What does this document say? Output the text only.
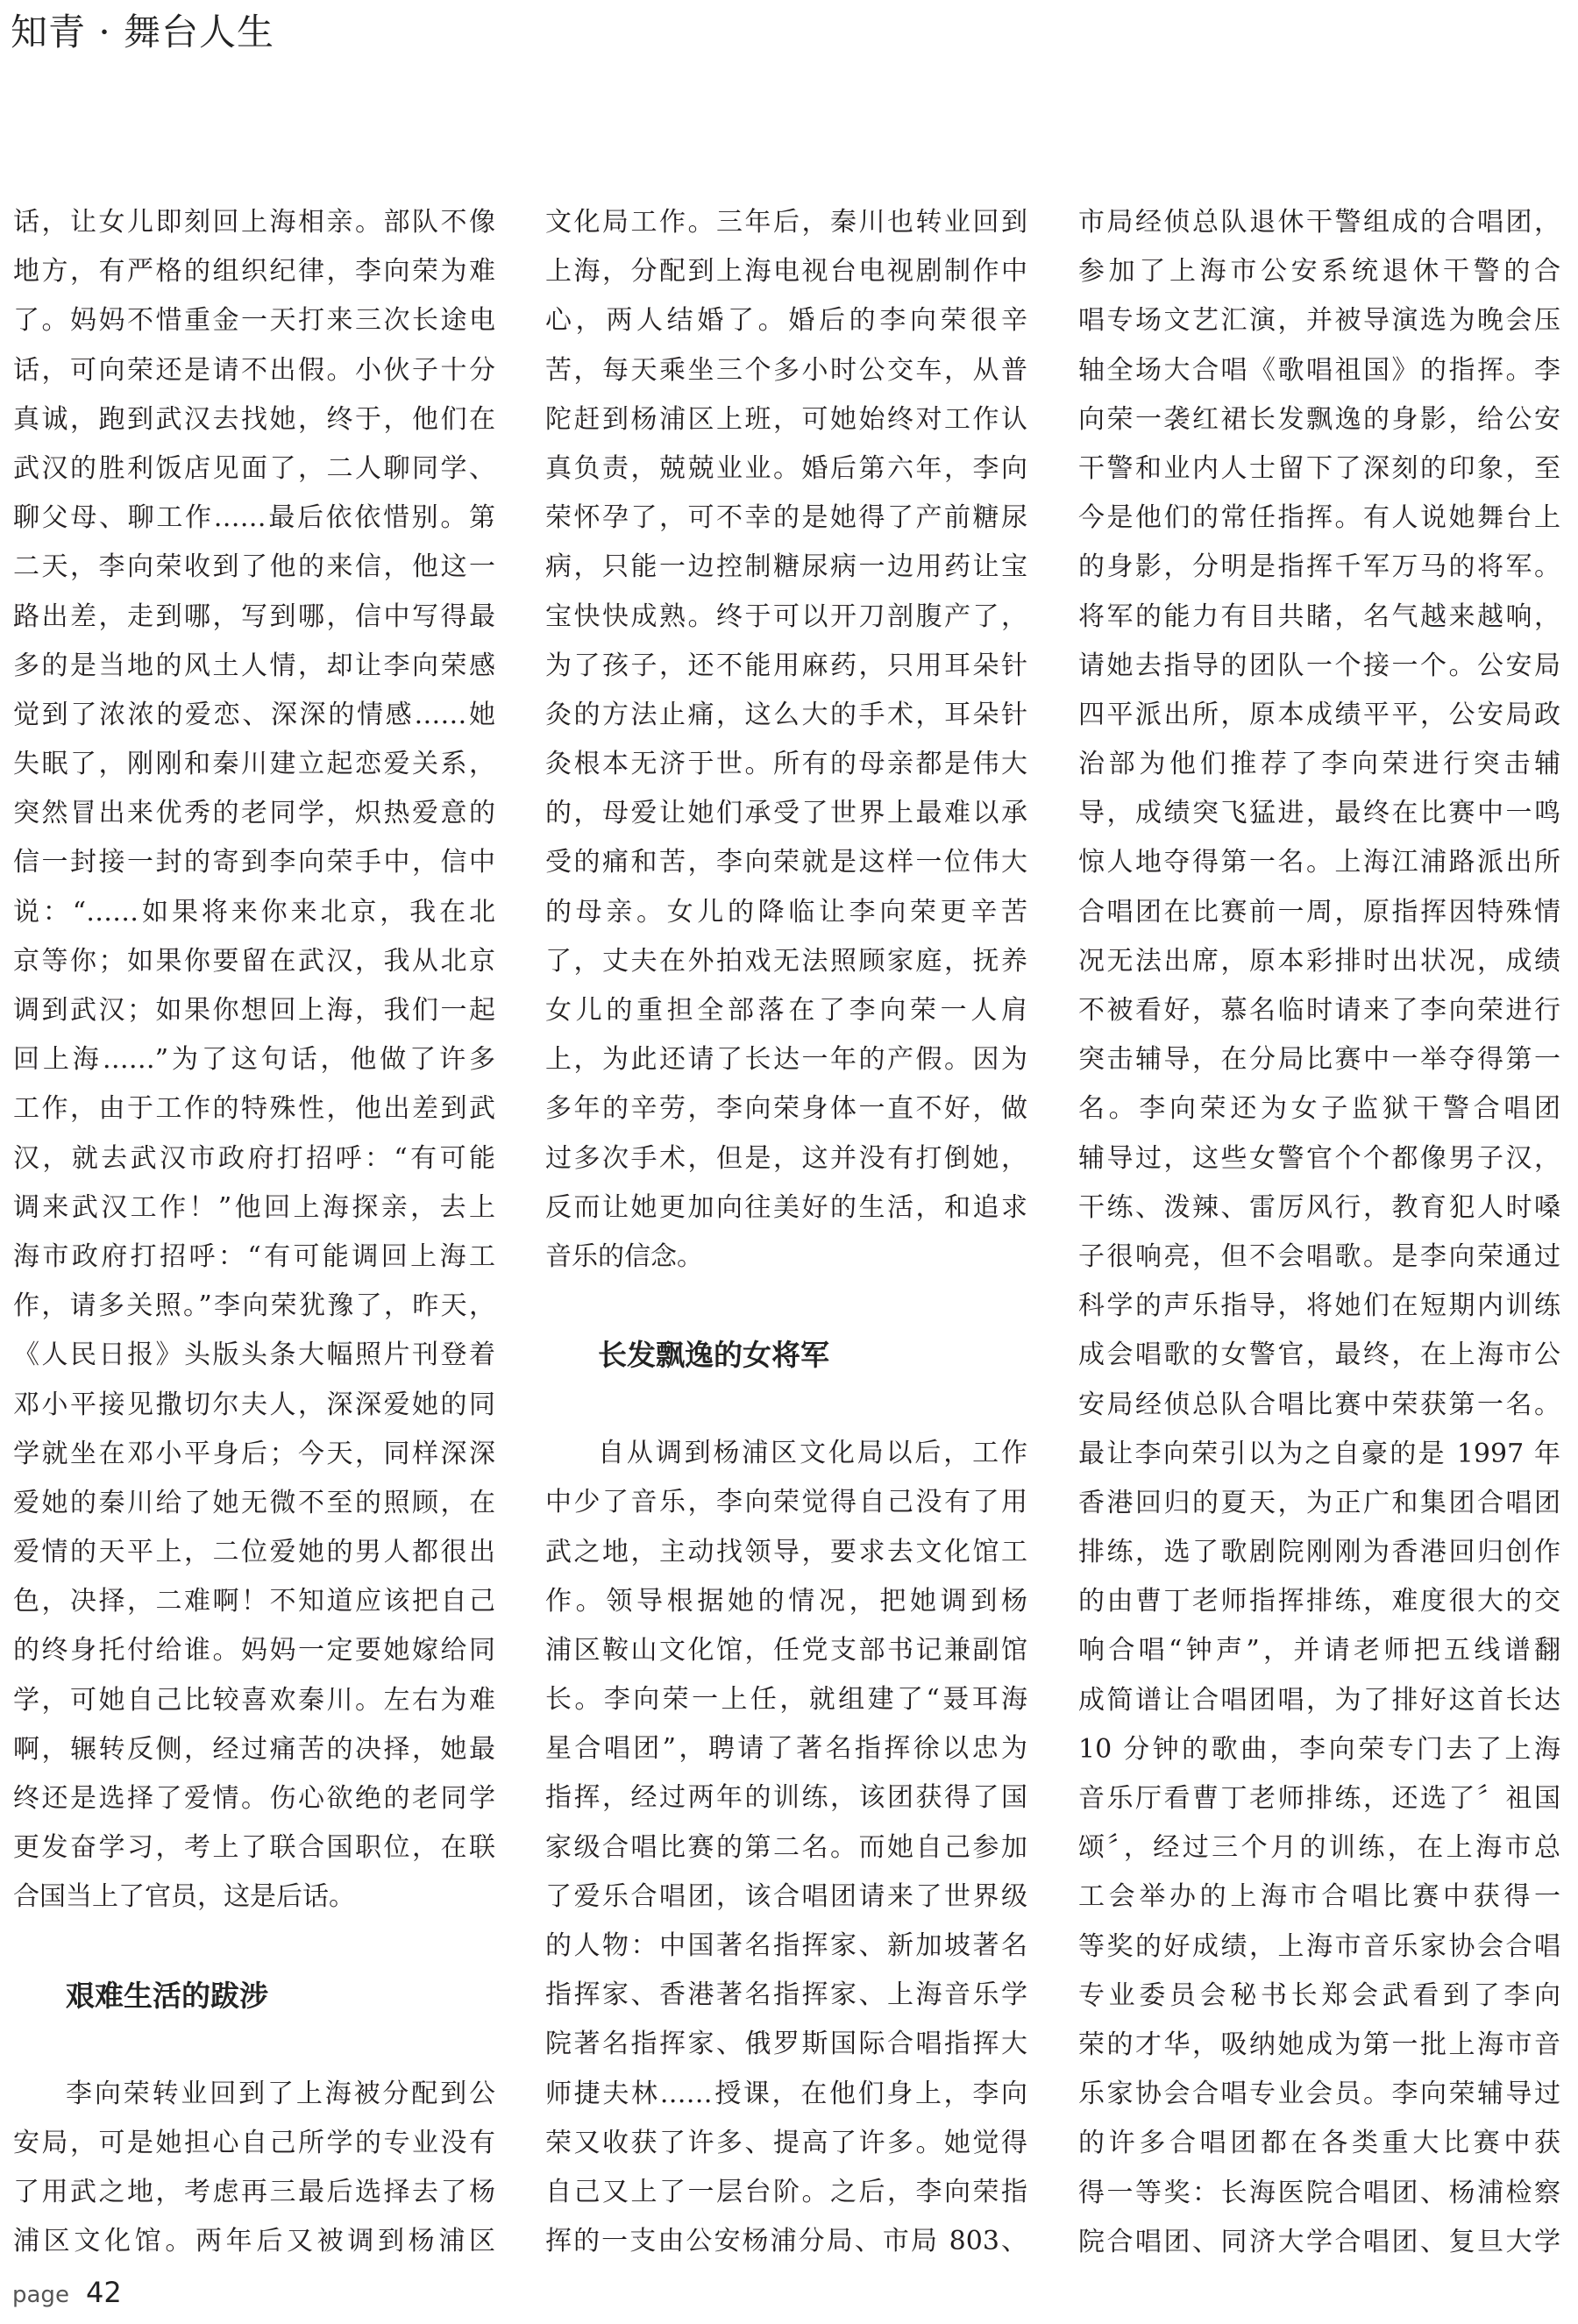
知青 · 舞台人生
话，让女儿即刻回上海相亲。部队不像
地方，有严格的组织纪律，李向荣为难
了。妈妈不惜重金一天打来三次长途电
话，可向荣还是请不出假。小伙子十分
真诚，跑到武汉去找她，终于，他们在
武汉的胜利饭店见面了，二人聊同学、
聊父母、聊工作……最后依依惜别。第
二天，李向荣收到了他的来信，他这一
路出差，走到哪，写到哪，信中写得最
多的是当地的风土人情，却让李向荣感
觉到了浓浓的爱恋、深深的情感……她
失眠了，刚刚和秦川建立起恋爱关系，
突然冒出来优秀的老同学，炽热爱意的
信一封接一封的寄到李向荣手中，信中
说：“……如果将来你来北京，我在北
京等你；如果你要留在武汉，我从北京
调到武汉；如果你想回上海，我们一起
回上海……”为了这句话，他做了许多
工作，由于工作的特殊性，他出差到武
汉，就去武汉市政府打招呼：“有可能
调来武汉工作！”他回上海探亲，去上
海市政府打招呼：“有可能调回上海工
作，请多关照。”李向荣犹豫了，昨天，
《人民日报》头版头条大幅照片刊登着
邓小平接见撒切尔夫人，深深爱她的同
学就坐在邓小平身后；今天，同样深深
爱她的秦川给了她无微不至的照顾，在
爱情的天平上，二位爱她的男人都很出
色，决择，二难啊！不知道应该把自己
的终身托付给谁。妈妈一定要她嫁给同
学，可她自己比较喜欢秦川。左右为难
啊，辗转反侧，经过痛苦的决择，她最
终还是选择了爱情。伤心欲绝的老同学
更发奋学习，考上了联合国职位，在联
合国当上了官员，这是后话。
艰难生活的跋涉
李向荣转业回到了上海被分配到公
安局，可是她担心自己所学的专业没有
了用武之地，考虑再三最后选择去了杨
浦区文化馆。两年后又被调到杨浦区
文化局工作。三年后，秦川也转业回到
上海，分配到上海电视台电视剧制作中
心，两人结婚了。婚后的李向荣很辛
苦，每天乘坐三个多小时公交车，从普
陀赶到杨浦区上班，可她始终对工作认
真负责，兢兢业业。婚后第六年，李向
荣怀孕了，可不幸的是她得了产前糖尿
病，只能一边控制糖尿病一边用药让宝
宝快快成熟。终于可以开刀剖腹产了，
为了孩子，还不能用麻药，只用耳朵针
灸的方法止痛，这么大的手术，耳朵针
灸根本无济于世。所有的母亲都是伟大
的，母爱让她们承受了世界上最难以承
受的痛和苦，李向荣就是这样一位伟大
的母亲。女儿的降临让李向荣更辛苦
了，丈夫在外拍戏无法照顾家庭，抚养
女儿的重担全部落在了李向荣一人肩
上，为此还请了长达一年的产假。因为
多年的辛劳，李向荣身体一直不好，做
过多次手术，但是，这并没有打倒她，
反而让她更加向往美好的生活，和追求
音乐的信念。
长发飘逸的女将军
自从调到杨浦区文化局以后，工作
中少了音乐，李向荣觉得自己没有了用
武之地，主动找领导，要求去文化馆工
作。领导根据她的情况，把她调到杨
浦区鞍山文化馆，任党支部书记兼副馆
长。李向荣一上任，就组建了“聂耳海
星合唱团”，聘请了著名指挥徐以忠为
指挥，经过两年的训练，该团获得了国
家级合唱比赛的第二名。而她自己参加
了爱乐合唱团，该合唱团请来了世界级
的人物：中国著名指挥家、新加坡著名
指挥家、香港著名指挥家、上海音乐学
院著名指挥家、俄罗斯国际合唱指挥大
师捷夫林……授课，在他们身上，李向
荣又收获了许多、提高了许多。她觉得
自己又上了一层台阶。之后，李向荣指
挥的一支由公安杨浦分局、市局 803、
市局经侦总队退休干警组成的合唱团，
参加了上海市公安系统退休干警的合
唱专场文艺汇演，并被导演选为晚会压
轴全场大合唱《歌唱祖国》的指挥。李
向荣一袭红裙长发飘逸的身影，给公安
干警和业内人士留下了深刻的印象，至
今是他们的常任指挥。有人说她舞台上
的身影，分明是指挥千军万马的将军。
将军的能力有目共睹，名气越来越响，
请她去指导的团队一个接一个。公安局
四平派出所，原本成绩平平，公安局政
治部为他们推荐了李向荣进行突击辅
导，成绩突飞猛进，最终在比赛中一鸣
惊人地夺得第一名。上海江浦路派出所
合唱团在比赛前一周，原指挥因特殊情
况无法出席，原本彩排时出状况，成绩
不被看好，慕名临时请来了李向荣进行
突击辅导，在分局比赛中一举夺得第一
名。李向荣还为女子监狱干警合唱团
辅导过，这些女警官个个都像男子汉，
干练、泼辣、雷厉风行，教育犯人时嗓
子很响亮，但不会唱歌。是李向荣通过
科学的声乐指导，将她们在短期内训练
成会唱歌的女警官，最终，在上海市公
安局经侦总队合唱比赛中荣获第一名。
最让李向荣引以为之自豪的是 1997 年
香港回归的夏天，为正广和集团合唱团
排练，选了歌剧院刚刚为香港回归创作
的由曹丁老师指挥排练，难度很大的交
响合唱“钟声”，并请老师把五线谱翻
成简谱让合唱团唱，为了排好这首长达
10 分钟的歌曲，李向荣专门去了上海
音乐厅看曹丁老师排练，还选了〞祖国
颂〞，经过三个月的训练，在上海市总
工会举办的上海市合唱比赛中获得一
等奖的好成绩，上海市音乐家协会合唱
专业委员会秘书长郑会武看到了李向
荣的才华，吸纳她成为第一批上海市音
乐家协会合唱专业会员。李向荣辅导过
的许多合唱团都在各类重大比赛中获
得一等奖：长海医院合唱团、杨浦检察
院合唱团、同济大学合唱团、复旦大学
page 42
